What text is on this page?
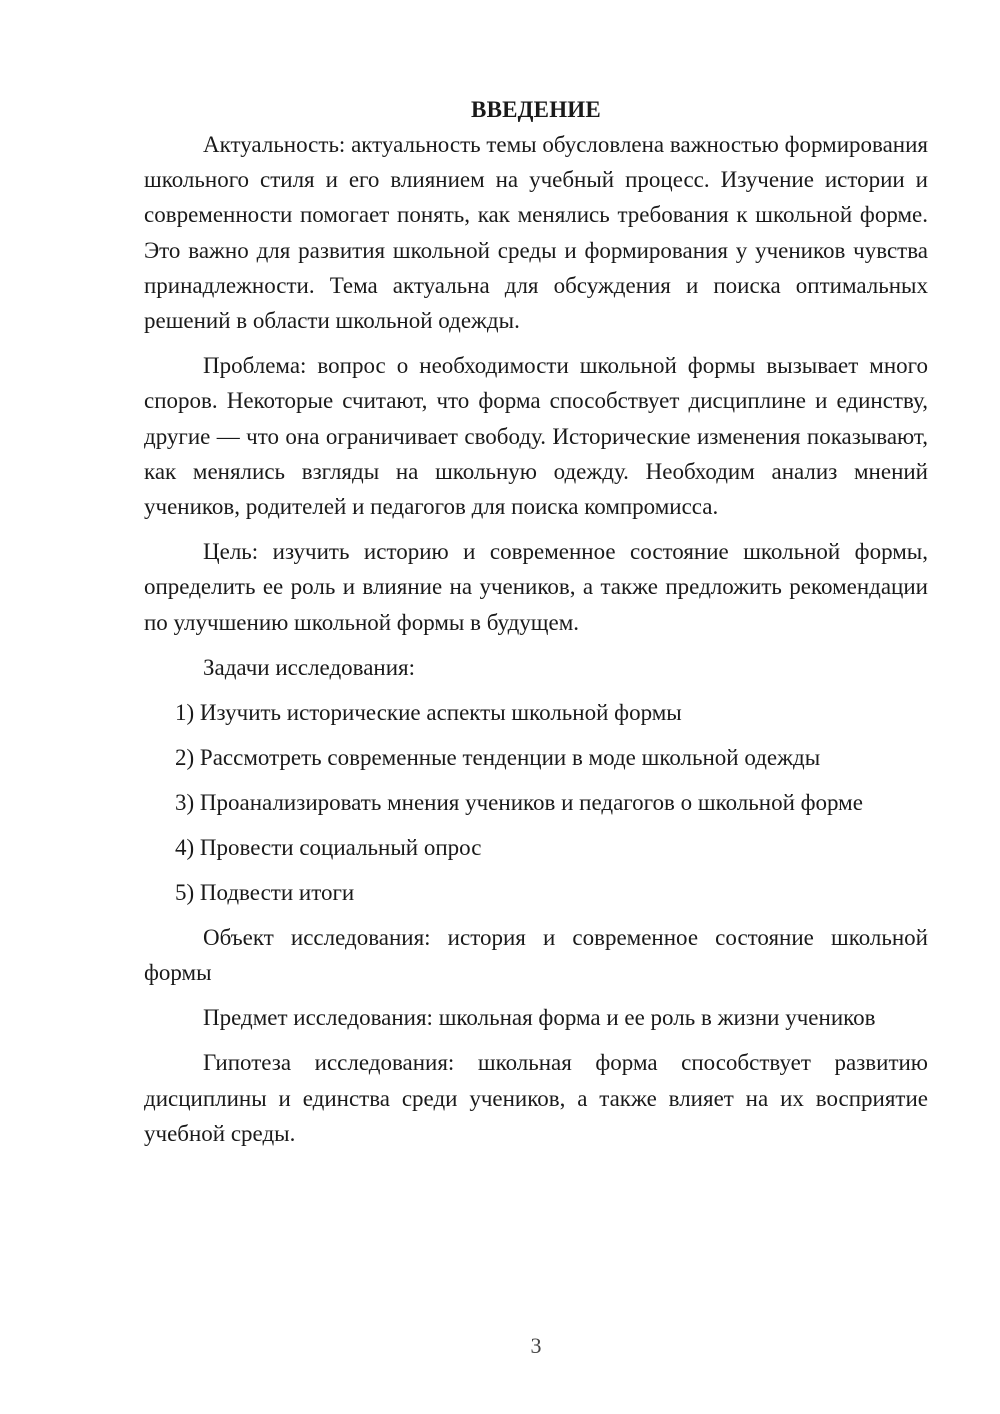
ВВЕДЕНИЕ

Актуальность: актуальность темы обусловлена важностью формирования школьного стиля и его влиянием на учебный процесс. Изучение истории и современности помогает понять, как менялись требования к школьной форме. Это важно для развития школьной среды и формирования у учеников чувства принадлежности. Тема актуальна для обсуждения и поиска оптимальных решений в области школьной одежды.

Проблема: вопрос о необходимости школьной формы вызывает много споров. Некоторые считают, что форма способствует дисциплине и единству, другие — что она ограничивает свободу. Исторические изменения показывают, как менялись взгляды на школьную одежду. Необходим анализ мнений учеников, родителей и педагогов для поиска компромисса.

Цель: изучить историю и современное состояние школьной формы, определить ее роль и влияние на учеников, а также предложить рекомендации по улучшению школьной формы в будущем.

Задачи исследования:

1) Изучить исторические аспекты школьной формы

2) Рассмотреть современные тенденции в моде школьной одежды

3) Проанализировать мнения учеников и педагогов о школьной форме

4) Провести социальный опрос

5) Подвести итоги

Объект исследования: история и современное состояние школьной формы

Предмет исследования: школьная форма и ее роль в жизни учеников

Гипотеза исследования: школьная форма способствует развитию дисциплины и единства среди учеников, а также влияет на их восприятие учебной среды.

3
